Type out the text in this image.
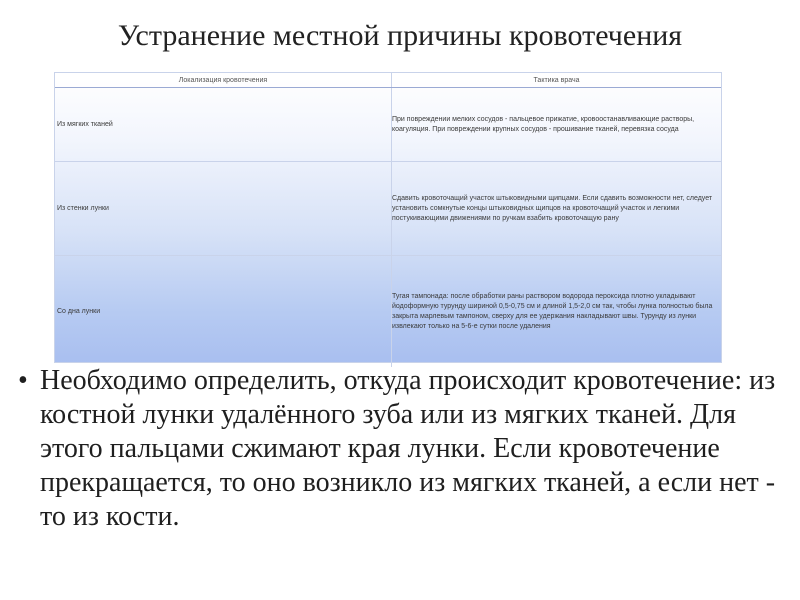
Устранение местной причины кровотечения
Локализация кровотечения	Тактика врача
Из мягких тканей	При повреждении мелких сосудов - пальцевое прижатие, кровоостанавливающие растворы, коагуляция. При повреждении крупных сосудов - прошивание тканей, перевязка сосуда
Из стенки лунки	Сдавить кровоточащий участок штыковидными щипцами. Если сдавить возможности нет, следует установить сомкнутые концы штыковидных щипцов на кровоточащий участок и легкими постукивающими движениями по ручкам взабить кровоточащую рану
Со дна лунки	Тугая тампонада: после обработки раны раствором водорода пероксида плотно укладывают йодоформную турунду шириной 0,5-0,75 см и длиной 1,5-2,0 см так, чтобы лунка полностью была закрыта марлевым тампоном, сверху для ее удержания накладывают швы. Турунду из лунки извлекают только на 5-6-е сутки после удаления
• Необходимо определить, откуда происходит кровотечение: из костной лунки удалённого зуба или из мягких тканей. Для этого пальцами сжимают края лунки. Если кровотечение прекращается, то оно возникло из мягких тканей, а если нет - то из кости.
